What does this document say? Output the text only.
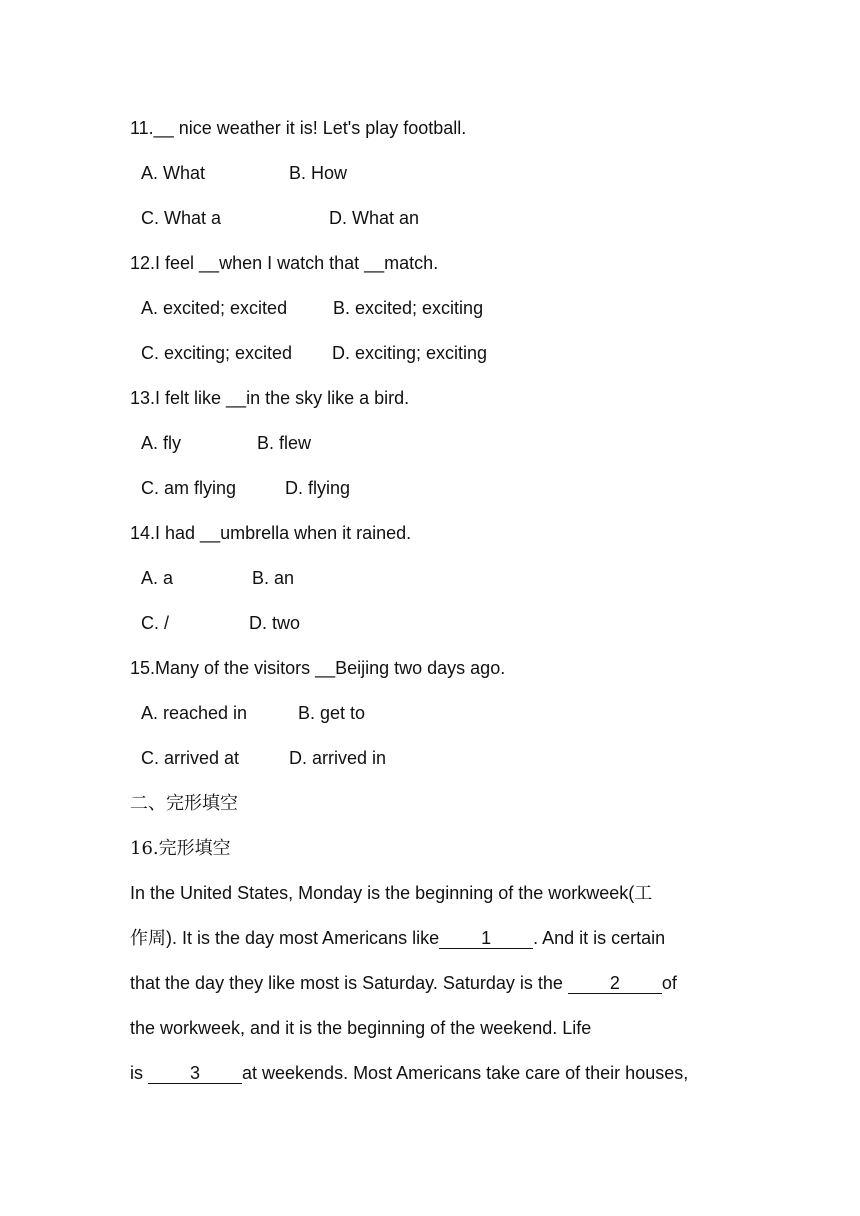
11.__ nice weather it is! Let's play football.
A. What	B. How
C. What a	D. What an
12.I feel __when I watch that __match.
A. excited; excited	B. excited; exciting
C. exciting; excited D. exciting; exciting
13.I felt like __in the sky like a bird.
A. fly	B. flew
C. am flying	D. flying
14.I had __umbrella when it rained.
A. a	B. an
C. /	D. two
15.Many of the visitors __Beijing two days ago.
A. reached in	B. get to
C. arrived at	D. arrived in
二、完形填空
16.完形填空
In the United States, Monday is the beginning of the workweek(工
作周). It is the day most Americans like 1 . And it is certain
that the day they like most is Saturday. Saturday is the 2 of
the workweek, and it is the beginning of the weekend. Life
is 3 at weekends. Most Americans take care of their houses,
